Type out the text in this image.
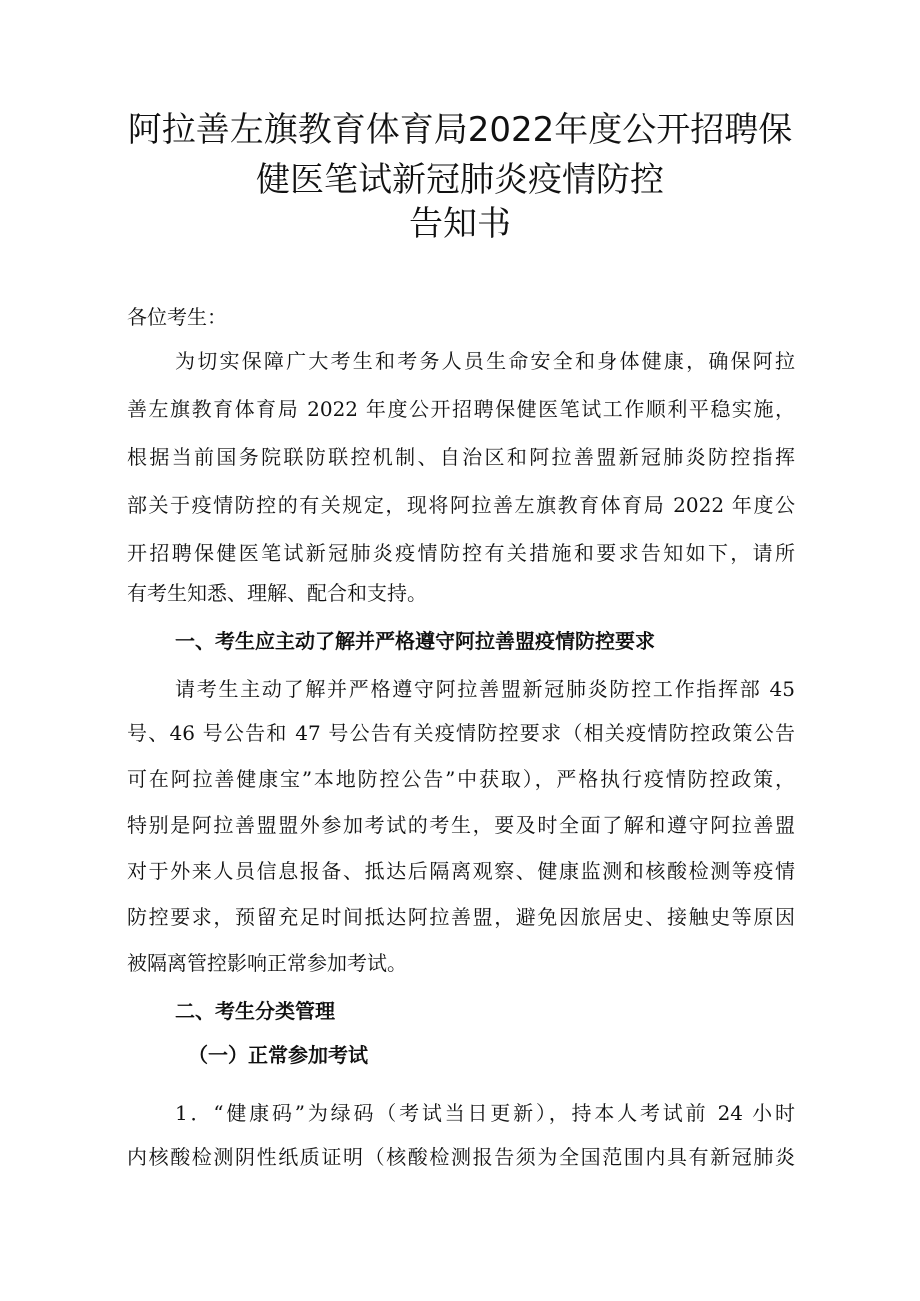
阿拉善左旗教育体育局2022年度公开招聘保
健医笔试新冠肺炎疫情防控
告知书
各位考生：
为切实保障广大考生和考务人员生命安全和身体健康，确保阿拉
善左旗教育体育局 2022 年度公开招聘保健医笔试工作顺利平稳实施，
根据当前国务院联防联控机制、自治区和阿拉善盟新冠肺炎防控指挥
部关于疫情防控的有关规定，现将阿拉善左旗教育体育局 2022 年度公
开招聘保健医笔试新冠肺炎疫情防控有关措施和要求告知如下，请所
有考生知悉、理解、配合和支持。
一、考生应主动了解并严格遵守阿拉善盟疫情防控要求
请考生主动了解并严格遵守阿拉善盟新冠肺炎防控工作指挥部 45
号、46 号公告和 47 号公告有关疫情防控要求（相关疫情防控政策公告
可在阿拉善健康宝”本地防控公告”中获取），严格执行疫情防控政策，
特别是阿拉善盟盟外参加考试的考生，要及时全面了解和遵守阿拉善盟
对于外来人员信息报备、抵达后隔离观察、健康监测和核酸检测等疫情
防控要求，预留充足时间抵达阿拉善盟，避免因旅居史、接触史等原因
被隔离管控影响正常参加考试。
二、考生分类管理
（一）正常参加考试
1．“健康码”为绿码（考试当日更新），持本人考试前 24 小时
内核酸检测阴性纸质证明（核酸检测报告须为全国范围内具有新冠肺炎
